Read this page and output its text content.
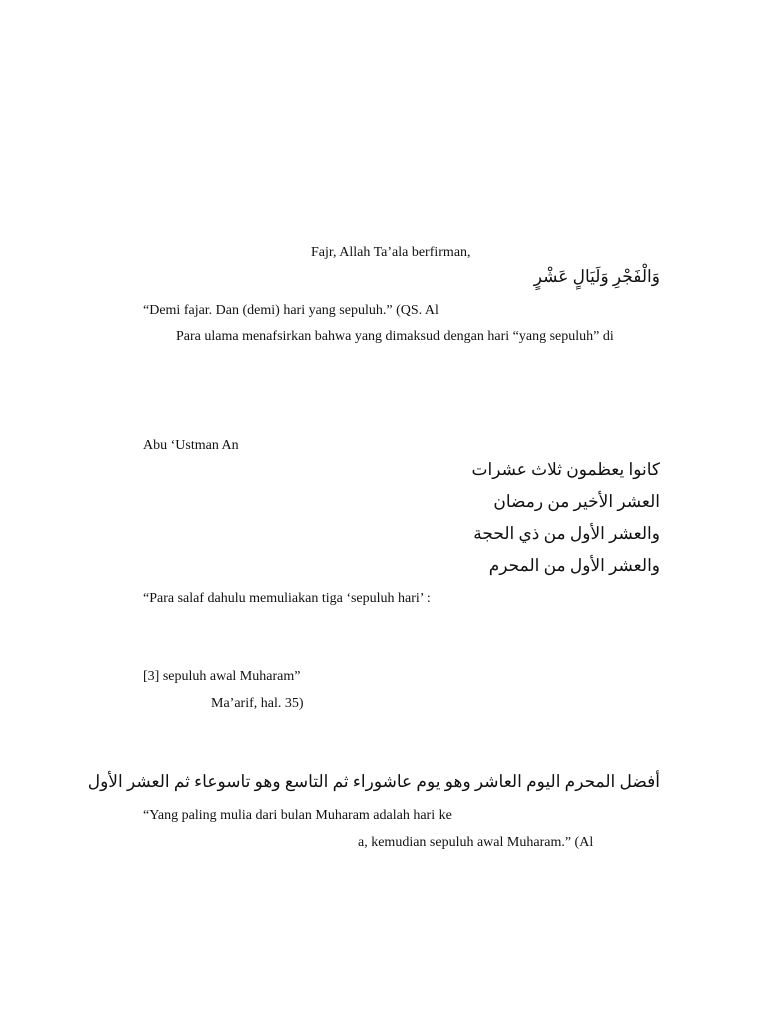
Fajr, Allah Ta’ala berfirman,
وَالْفَجْرِ وَلَيَالٍ عَشْرٍ
“Demi fajar. Dan (demi) hari yang sepuluh.” (QS. Al
Para ulama menafsirkan bahwa yang dimaksud dengan hari “yang sepuluh” di
Abu ‘Ustman An
كانوا يعظمون ثلاث عشرات
العشر الأخير من رمضان
والعشر الأول من ذي الحجة
والعشر الأول من المحرم
“Para salaf dahulu memuliakan tiga ‘sepuluh hari’ :
[3] sepuluh awal Muharam”
Ma’arif, hal. 35)
أفضل المحرم اليوم العاشر وهو يوم عاشوراء ثم التاسع وهو تاسوعاء ثم العشر الأول
“Yang paling mulia dari bulan Muharam adalah hari ke
a, kemudian sepuluh awal Muharam.” (Al
